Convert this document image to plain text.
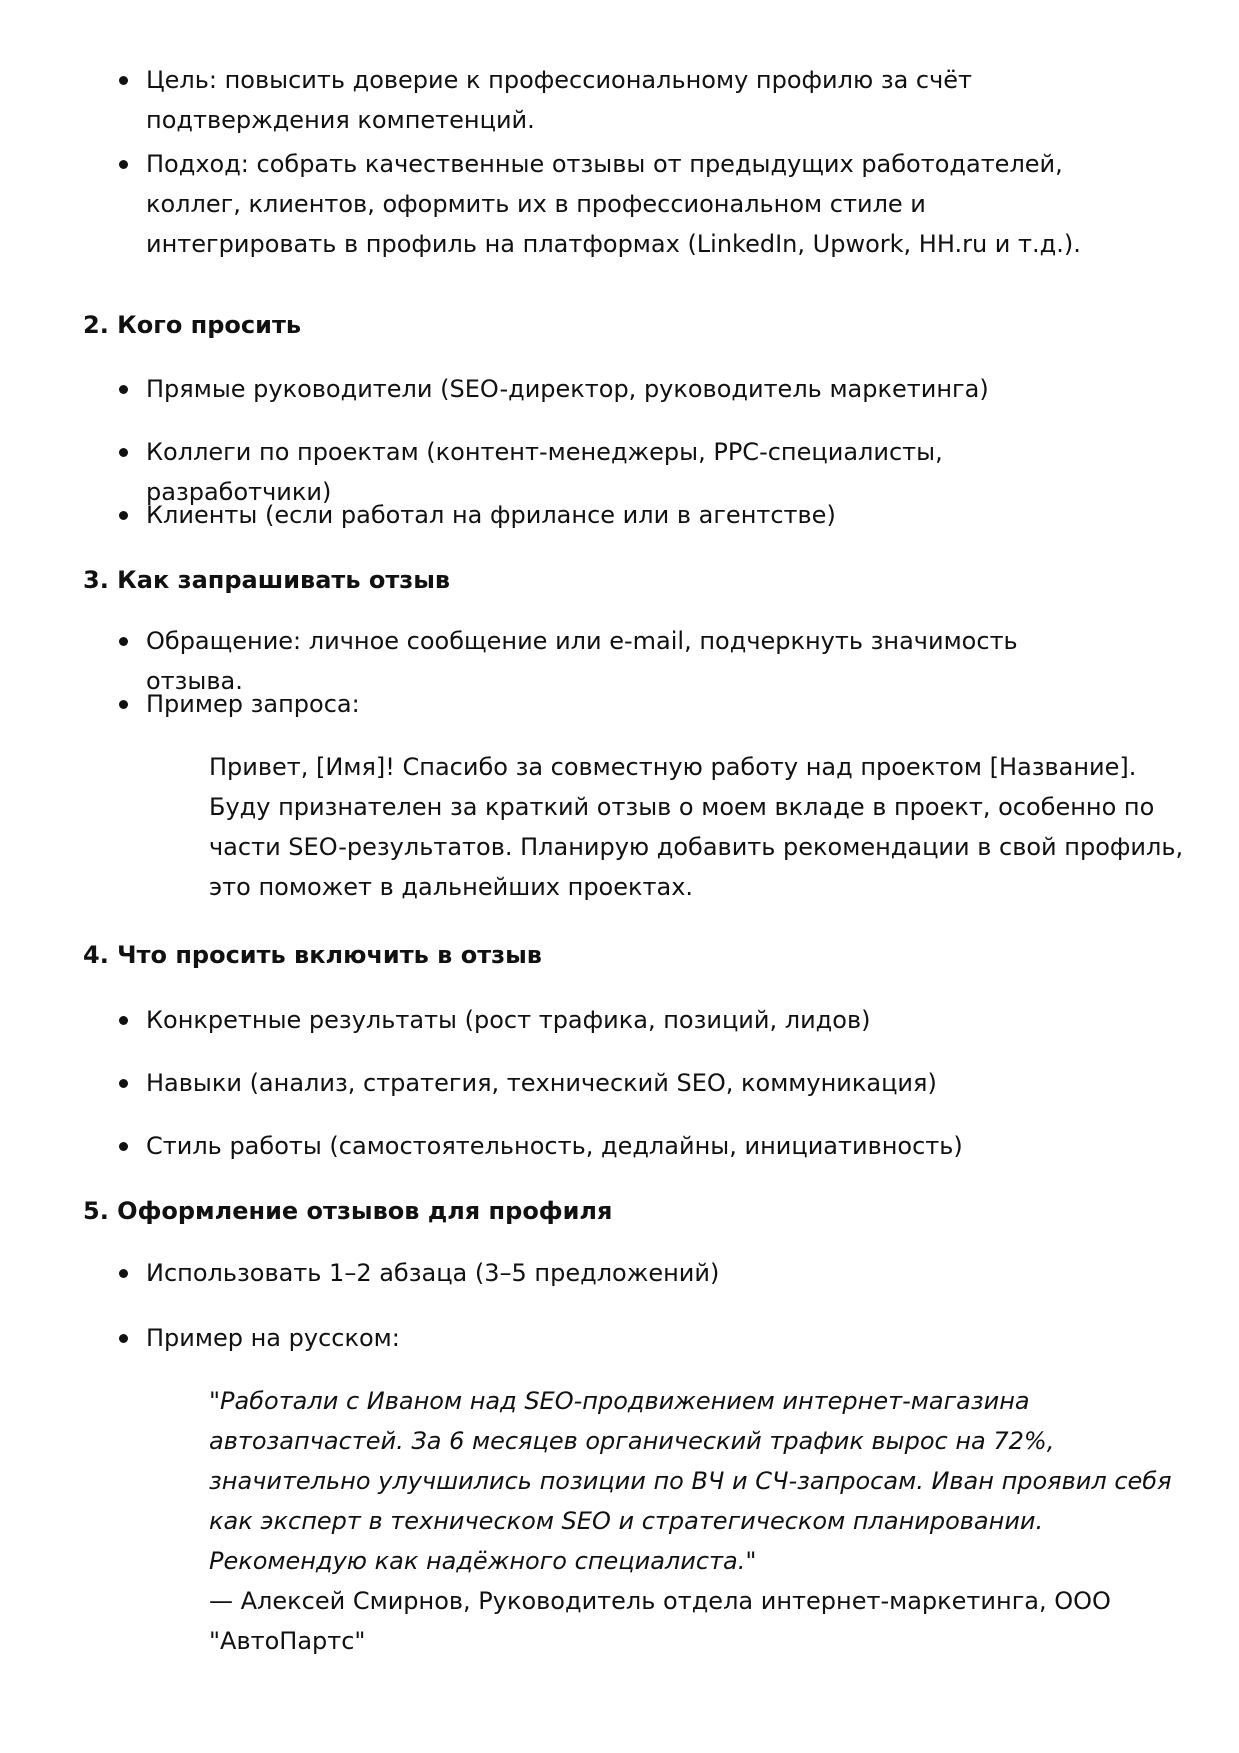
Цель: повысить доверие к профессиональному профилю за счёт подтверждения компетенций.
Подход: собрать качественные отзывы от предыдущих работодателей, коллег, клиентов, оформить их в профессиональном стиле и интегрировать в профиль на платформах (LinkedIn, Upwork, HH.ru и т.д.).
2. Кого просить
Прямые руководители (SEO-директор, руководитель маркетинга)
Коллеги по проектам (контент-менеджеры, PPC-специалисты, разработчики)
Клиенты (если работал на фрилансе или в агентстве)
3. Как запрашивать отзыв
Обращение: личное сообщение или e-mail, подчеркнуть значимость отзыва.
Пример запроса:
Привет, [Имя]! Спасибо за совместную работу над проектом [Название].
Буду признателен за краткий отзыв о моем вкладе в проект, особенно по
части SEO-результатов. Планирую добавить рекомендации в свой профиль,
это поможет в дальнейших проектах.
4. Что просить включить в отзыв
Конкретные результаты (рост трафика, позиций, лидов)
Навыки (анализ, стратегия, технический SEO, коммуникация)
Стиль работы (самостоятельность, дедлайны, инициативность)
5. Оформление отзывов для профиля
Использовать 1–2 абзаца (3–5 предложений)
Пример на русском:
"Работали с Иваном над SEO-продвижением интернет-магазина
автозапчастей. За 6 месяцев органический трафик вырос на 72%,
значительно улучшились позиции по ВЧ и СЧ-запросам. Иван проявил себя
как эксперт в техническом SEO и стратегическом планировании.
Рекомендую как надёжного специалиста."
— Алексей Смирнов, Руководитель отдела интернет-маркетинга, ООО
"АвтоПартс"
